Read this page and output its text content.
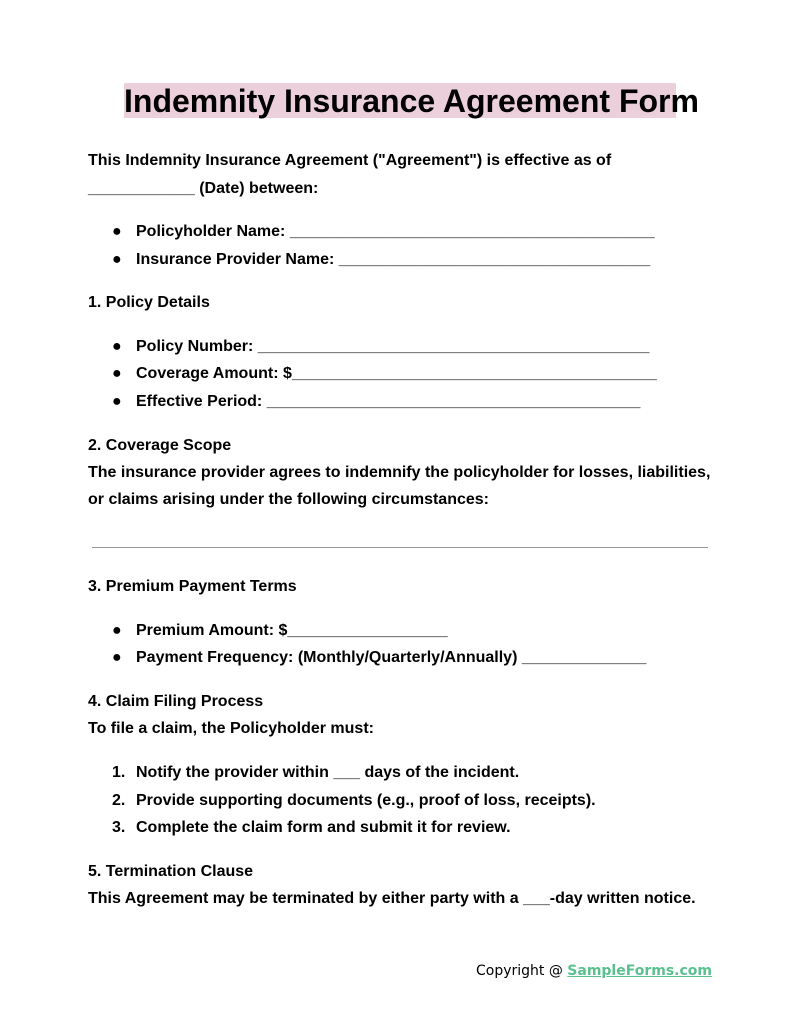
Indemnity Insurance Agreement Form
This Indemnity Insurance Agreement ("Agreement") is effective as of
____________ (Date) between:
● Policyholder Name: _________________________________________
● Insurance Provider Name: ___________________________________
1. Policy Details
● Policy Number: ____________________________________________
● Coverage Amount: $_________________________________________
● Effective Period: __________________________________________
2. Coverage Scope
The insurance provider agrees to indemnify the policyholder for losses, liabilities,
or claims arising under the following circumstances:
3. Premium Payment Terms
● Premium Amount: $__________________
● Payment Frequency: (Monthly/Quarterly/Annually) ______________
4. Claim Filing Process
To file a claim, the Policyholder must:
1. Notify the provider within ___ days of the incident.
2. Provide supporting documents (e.g., proof of loss, receipts).
3. Complete the claim form and submit it for review.
5. Termination Clause
This Agreement may be terminated by either party with a ___-day written notice.
Copyright @ SampleForms.com
